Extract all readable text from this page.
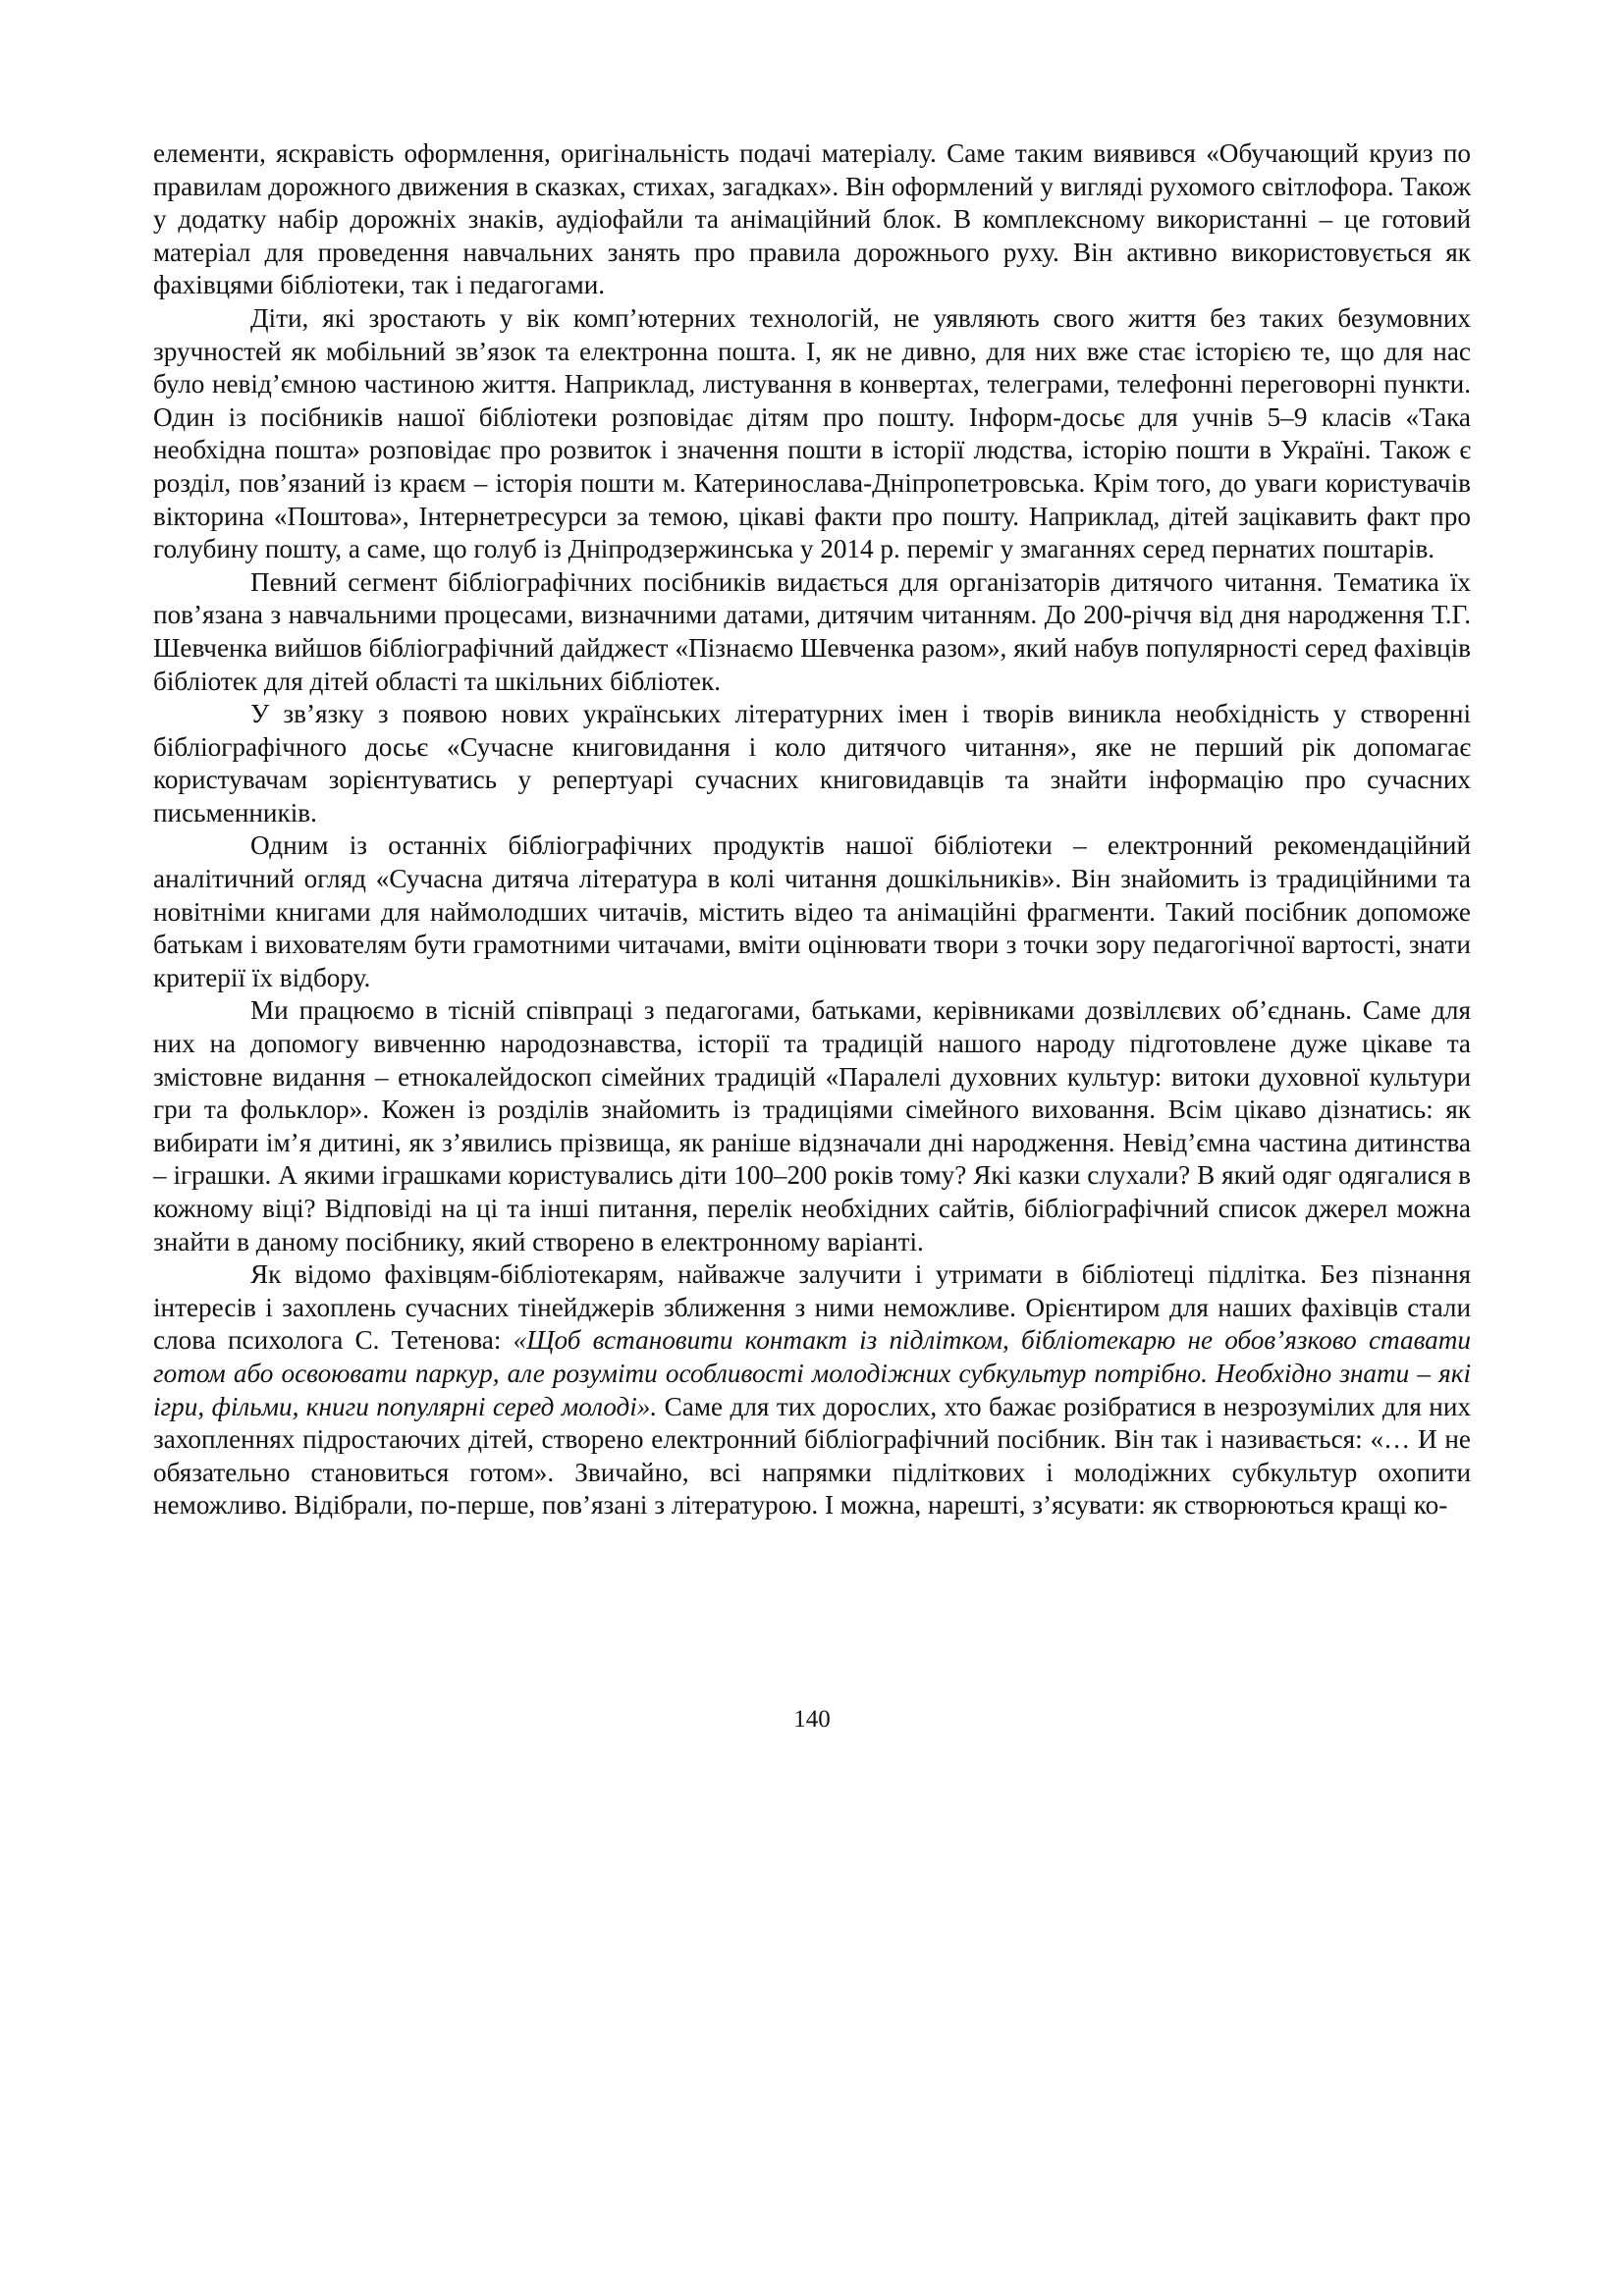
елементи, яскравість оформлення, оригінальність подачі матеріалу. Саме таким виявився «Обучающий круиз по правилам дорожного движения в сказках, стихах, загадках». Він оформлений у вигляді рухомого світлофора. Також у додатку набір дорожніх знаків, аудіофайли та анімаційний блок. В комплексному використанні – це готовий матеріал для проведення навчальних занять про правила дорожнього руху. Він активно використовується як фахівцями бібліотеки, так і педагогами.

Діти, які зростають у вік комп’ютерних технологій, не уявляють свого життя без таких безумовних зручностей як мобільний зв’язок та електронна пошта. І, як не дивно, для них вже стає історією те, що для нас було невід’ємною частиною життя. Наприклад, листування в конвертах, телеграми, телефонні переговорні пункти. Один із посібників нашої бібліотеки розповідає дітям про пошту. Інформ-досьє для учнів 5–9 класів «Така необхідна пошта» розповідає про розвиток і значення пошти в історії людства, історію пошти в Україні. Також є розділ, пов’язаний із краєм – історія пошти м. Катеринослава-Дніпропетровська. Крім того, до уваги користувачів вікторина «Поштова», Інтернетресурси за темою, цікаві факти про пошту. Наприклад, дітей зацікавить факт про голубину пошту, а саме, що голуб із Дніпродзержинська у 2014 р. переміг у змаганнях серед пернатих поштарів.

Певний сегмент бібліографічних посібників видається для організаторів дитячого читання. Тематика їх пов’язана з навчальними процесами, визначними датами, дитячим читанням. До 200-річчя від дня народження Т.Г. Шевченка вийшов бібліографічний дайджест «Пізнаємо Шевченка разом», який набув популярності серед фахівців бібліотек для дітей області та шкільних бібліотек.

У зв’язку з появою нових українських літературних імен і творів виникла необхідність у створенні бібліографічного досьє «Сучасне книговидання і коло дитячого читання», яке не перший рік допомагає користувачам зорієнтуватись у репертуарі сучасних книговидавців та знайти інформацію про сучасних письменників.

Одним із останніх бібліографічних продуктів нашої бібліотеки – електронний рекомендаційний аналітичний огляд «Сучасна дитяча література в колі читання дошкільників». Він знайомить із традиційними та новітніми книгами для наймолодших читачів, містить відео та анімаційні фрагменти. Такий посібник допоможе батькам і вихователям бути грамотними читачами, вміти оцінювати твори з точки зору педагогічної вартості, знати критерії їх відбору.

Ми працюємо в тісній співпраці з педагогами, батьками, керівниками дозвіллєвих об’єднань. Саме для них на допомогу вивченню народознавства, історії та традицій нашого народу підготовлене дуже цікаве та змістовне видання – етнокалейдоскоп сімейних традицій «Паралелі духовних культур: витоки духовної культури гри та фольклор». Кожен із розділів знайомить із традиціями сімейного виховання. Всім цікаво дізнатись: як вибирати ім’я дитині, як з’явились прізвища, як раніше відзначали дні народження. Невід’ємна частина дитинства – іграшки. А якими іграшками користувались діти 100–200 років тому? Які казки слухали? В який одяг одягалися в кожному віці? Відповіді на ці та інші питання, перелік необхідних сайтів, бібліографічний список джерел можна знайти в даному посібнику, який створено в електронному варіанті.

Як відомо фахівцям-бібліотекарям, найважче залучити і утримати в бібліотеці підлітка. Без пізнання інтересів і захоплень сучасних тінейджерів зближення з ними неможливе. Орієнтиром для наших фахівців стали слова психолога С. Тетенова: «Щоб встановити контакт із підлітком, бібліотекарю не обов’язково ставати готом або освоювати паркур, але розуміти особливості молодіжних субкультур потрібно. Необхідно знати – які ігри, фільми, книги популярні серед молоді». Саме для тих дорослих, хто бажає розібратися в незрозумілих для них захопленнях підростаючих дітей, створено електронний бібліографічний посібник. Він так і називається: «… И не обязательно становиться готом». Звичайно, всі напрямки підліткових і молодіжних субкультур охопити неможливо. Відібрали, по-перше, пов’язані з літературою. І можна, нарешті, з’ясувати: як створюються кращі ко-

140
